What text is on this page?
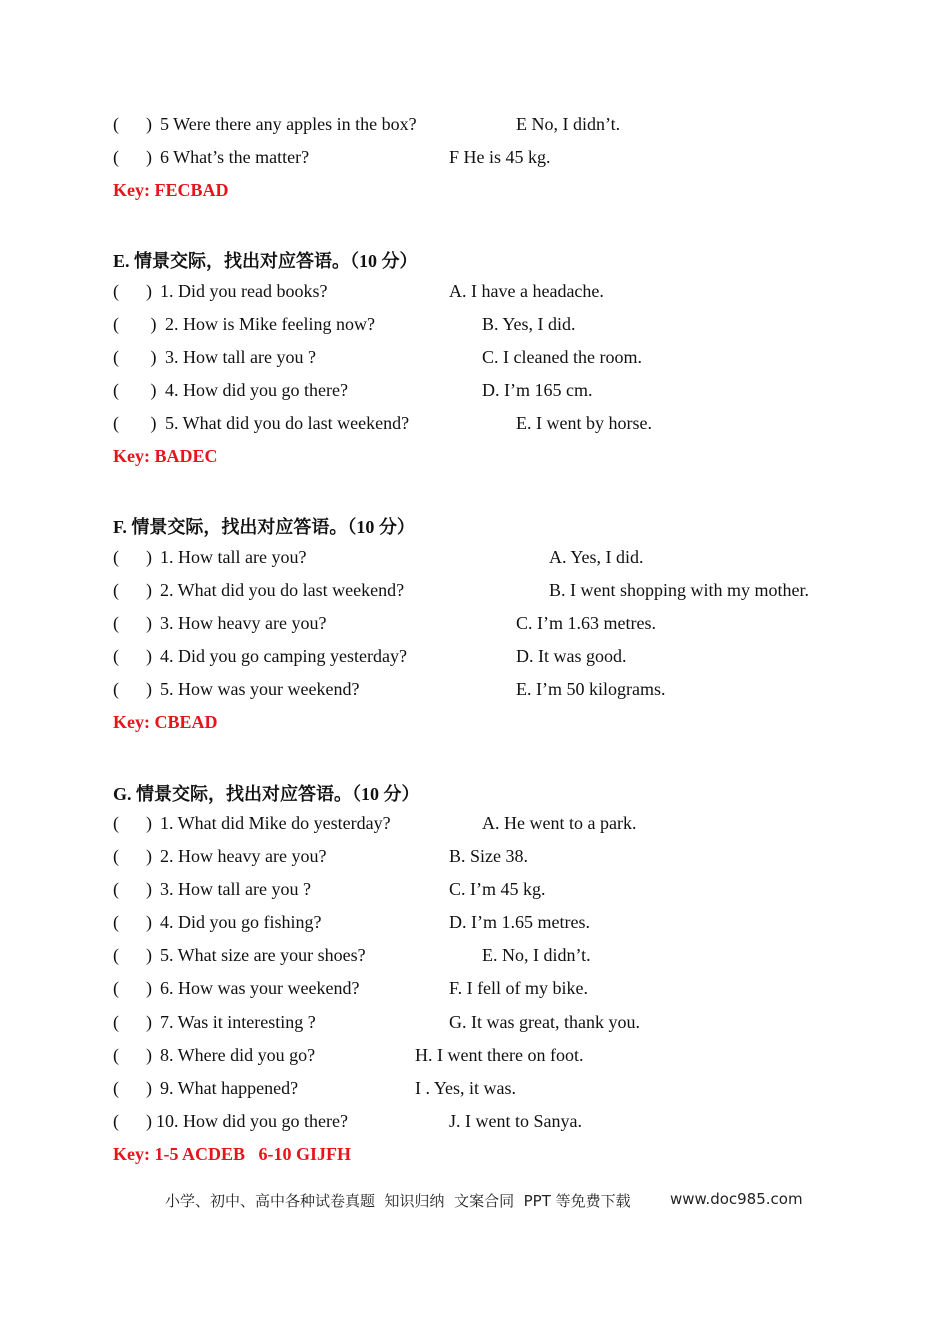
(      ) 5 Were there any apples in the box?	E No, I didn’t.
(      ) 6 What’s the matter?	F He is 45 kg.
Key: FECBAD
E. 情景交际，找出对应答语。（10 分）
(      ) 1. Did you read books?	A. I have a headache.
(       ) 2. How is Mike feeling now?	B. Yes, I did.
(       ) 3. How tall are you ?	C. I cleaned the room.
(       ) 4. How did you go there?	D. I’m 165 cm.
(       ) 5. What did you do last weekend?	E. I went by horse.
Key: BADEC
F. 情景交际，找出对应答语。（10 分）
(      ) 1. How tall are you?	A. Yes, I did.
(      ) 2. What did you do last weekend?	B. I went shopping with my mother.
(      ) 3. How heavy are you?	C. I’m 1.63 metres.
(      ) 4. Did you go camping yesterday?	D. It was good.
(      ) 5. How was your weekend?	E. I’m 50 kilograms.
Key: CBEAD
G. 情景交际，找出对应答语。（10 分）
(      ) 1. What did Mike do yesterday?	A. He went to a park.
(      ) 2. How heavy are you?	B. Size 38.
(      ) 3. How tall are you ?	C. I’m 45 kg.
(      ) 4. Did you go fishing?	D. I’m 1.65 metres.
(      ) 5. What size are your shoes?	E. No, I didn’t.
(      ) 6. How was your weekend?	F. I fell of my bike.
(      ) 7. Was it interesting ?	G. It was great, thank you.
(      ) 8. Where did you go?	H. I went there on foot.
(      ) 9. What happened?	I . Yes, it was.
(      ) 10. How did you go there?	J. I went to Sanya.
Key: 1-5 ACDEB   6-10 GIJFH
小学、初中、高中各种试卷真题  知识归纳  文案合同  PPT 等免费下载	www.doc985.com
